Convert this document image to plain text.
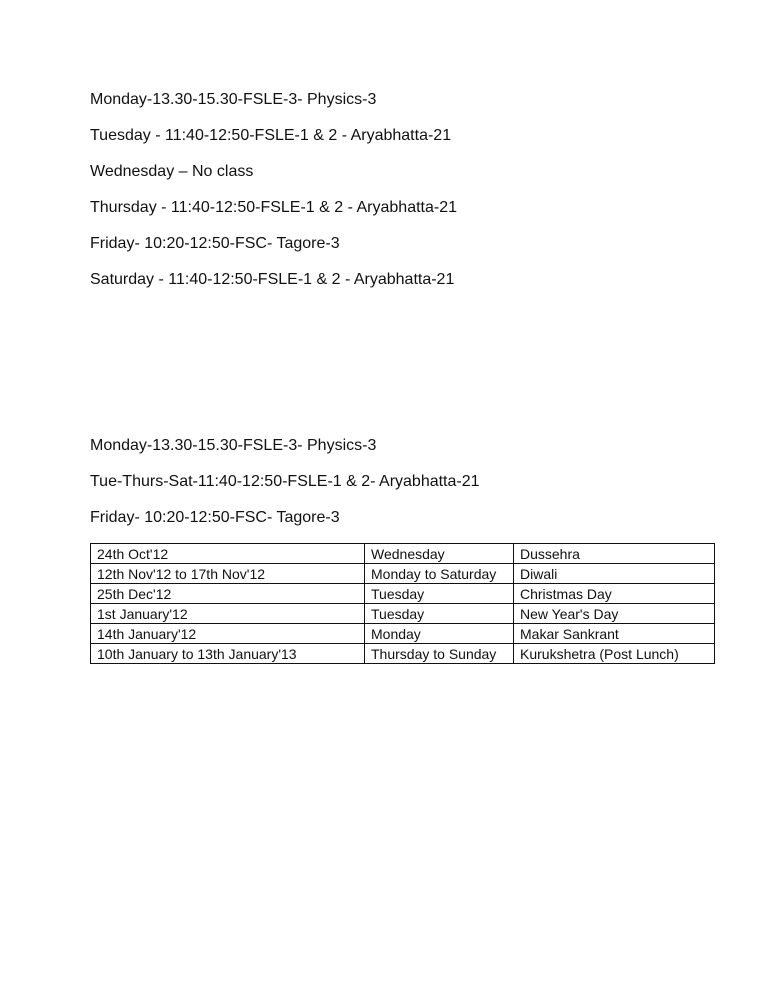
Monday-13.30-15.30-FSLE-3- Physics-3

Tuesday - 11:40-12:50-FSLE-1 & 2 - Aryabhatta-21

Wednesday – No class

Thursday - 11:40-12:50-FSLE-1 & 2 - Aryabhatta-21

Friday- 10:20-12:50-FSC- Tagore-3

Saturday - 11:40-12:50-FSLE-1 & 2 - Aryabhatta-21

Monday-13.30-15.30-FSLE-3- Physics-3

Tue-Thurs-Sat-11:40-12:50-FSLE-1 & 2- Aryabhatta-21

Friday- 10:20-12:50-FSC- Tagore-3

24th Oct'12	Wednesday	Dussehra
12th Nov'12 to 17th Nov'12	Monday to Saturday	Diwali
25th Dec'12	Tuesday	Christmas Day
1st January'12	Tuesday	New Year's Day
14th January'12	Monday	Makar Sankrant
10th January to 13th January'13	Thursday to Sunday	Kurukshetra (Post Lunch)
